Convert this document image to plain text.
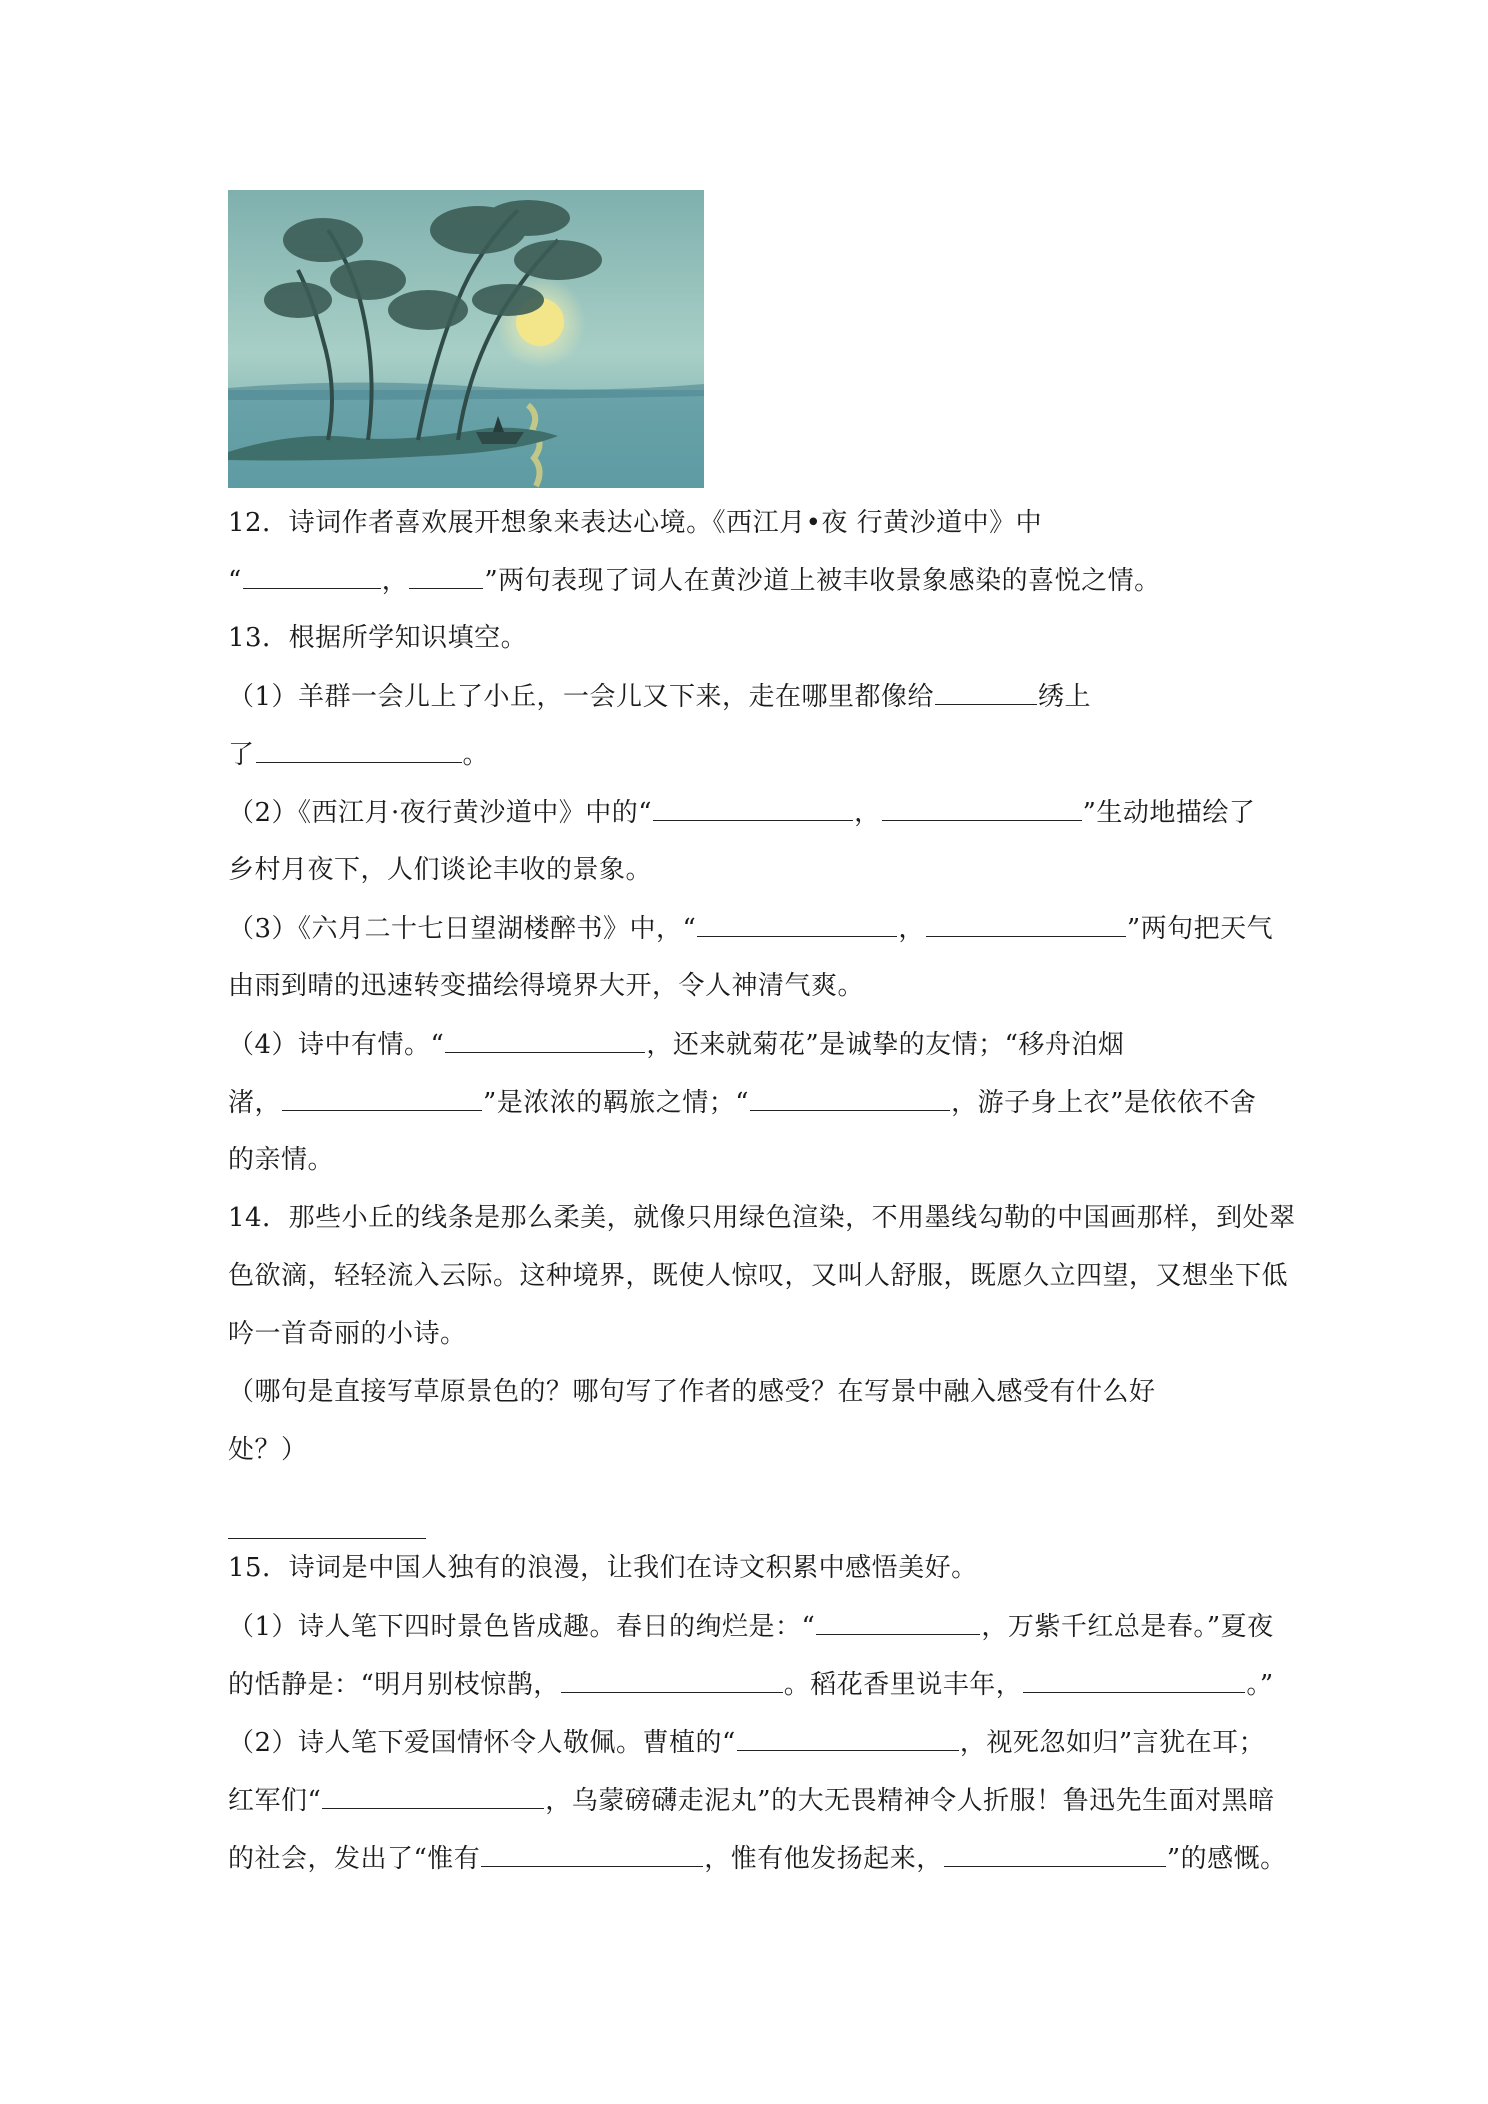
12．诗词作者喜欢展开想象来表达心境。《西江月•夜 行黄沙道中》中
“	，	”两句表现了词人在黄沙道上被丰收景象感染的喜悦之情。
13．根据所学知识填空。
（1）羊群一会儿上了小丘，一会儿又下来，走在哪里都像给	绣上
了	。
（2）《西江月·夜行黄沙道中》中的“	，	”生动地描绘了
乡村月夜下，人们谈论丰收的景象。
（3）《六月二十七日望湖楼醉书》中，“	，	”两句把天气
由雨到晴的迅速转变描绘得境界大开，令人神清气爽。
（4）诗中有情。“	，还来就菊花”是诚挚的友情；“移舟泊烟
渚，	”是浓浓的羁旅之情；“	，游子身上衣”是依依不舍
的亲情。
14．那些小丘的线条是那么柔美，就像只用绿色渲染，不用墨线勾勒的中国画那样，到处翠
色欲滴，轻轻流入云际。这种境界，既使人惊叹，又叫人舒服，既愿久立四望，又想坐下低
吟一首奇丽的小诗。
（哪句是直接写草原景色的？哪句写了作者的感受？在写景中融入感受有什么好
处？）
15．诗词是中国人独有的浪漫，让我们在诗文积累中感悟美好。
（1）诗人笔下四时景色皆成趣。春日的绚烂是：“	，万紫千红总是春。”夏夜
的恬静是：“明月别枝惊鹊，	。稻花香里说丰年，	。”
（2）诗人笔下爱国情怀令人敬佩。曹植的“	，视死忽如归”言犹在耳；
红军们“	，乌蒙磅礴走泥丸”的大无畏精神令人折服！鲁迅先生面对黑暗
的社会，发出了“惟有	，惟有他发扬起来，	”的感慨。
